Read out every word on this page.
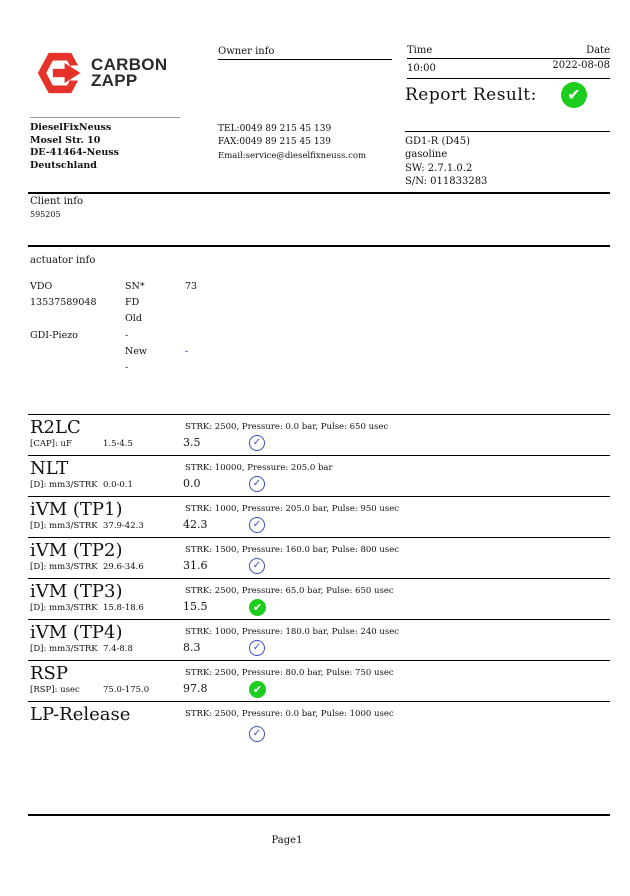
CARBON
ZAPP
Owner info	Time	Date
10:00	2022-08-08
Report Result:
✔
DieselFixNeuss
Mosel Str. 10
DE-41464-Neuss
Deutschland
TEL:0049 89 215 45 139
FAX:0049 89 215 45 139
Email:service@dieselfixneuss.com
GD1-R (D45)
gasoline
SW: 2.7.1.0.2
S/N: 011833283
Client info
595205
actuator info
VDO	SN*	73
13537589048	FD
Old
GDI-Piezo	-
New	-
-
R2LC	STRK: 2500, Pressure: 0.0 bar, Pulse: 650 usec
[CAP]: uF	1.5-4.5	3.5
✓
NLT	STRK: 10000, Pressure: 205.0 bar
[D]: mm3/STRK 0.0-0.1	0.0
✓
iVM (TP1)	STRK: 1000, Pressure: 205.0 bar, Pulse: 950 usec
[D]: mm3/STRK 37.9-42.3	42.3
✓
iVM (TP2)	STRK: 1500, Pressure: 160.0 bar, Pulse: 800 usec
[D]: mm3/STRK 29.6-34.6	31.6
✓
iVM (TP3)	STRK: 2500, Pressure: 65.0 bar, Pulse: 650 usec
[D]: mm3/STRK 15.8-18.6	15.5
✔
iVM (TP4)	STRK: 1000, Pressure: 180.0 bar, Pulse: 240 usec
[D]: mm3/STRK 7.4-8.8	8.3
✓
RSP	STRK: 2500, Pressure: 80.0 bar, Pulse: 750 usec
[RSP]: usec	75.0-175.0	97.8
✔
LP-Release	STRK: 2500, Pressure: 0.0 bar, Pulse: 1000 usec
✓
Page1
